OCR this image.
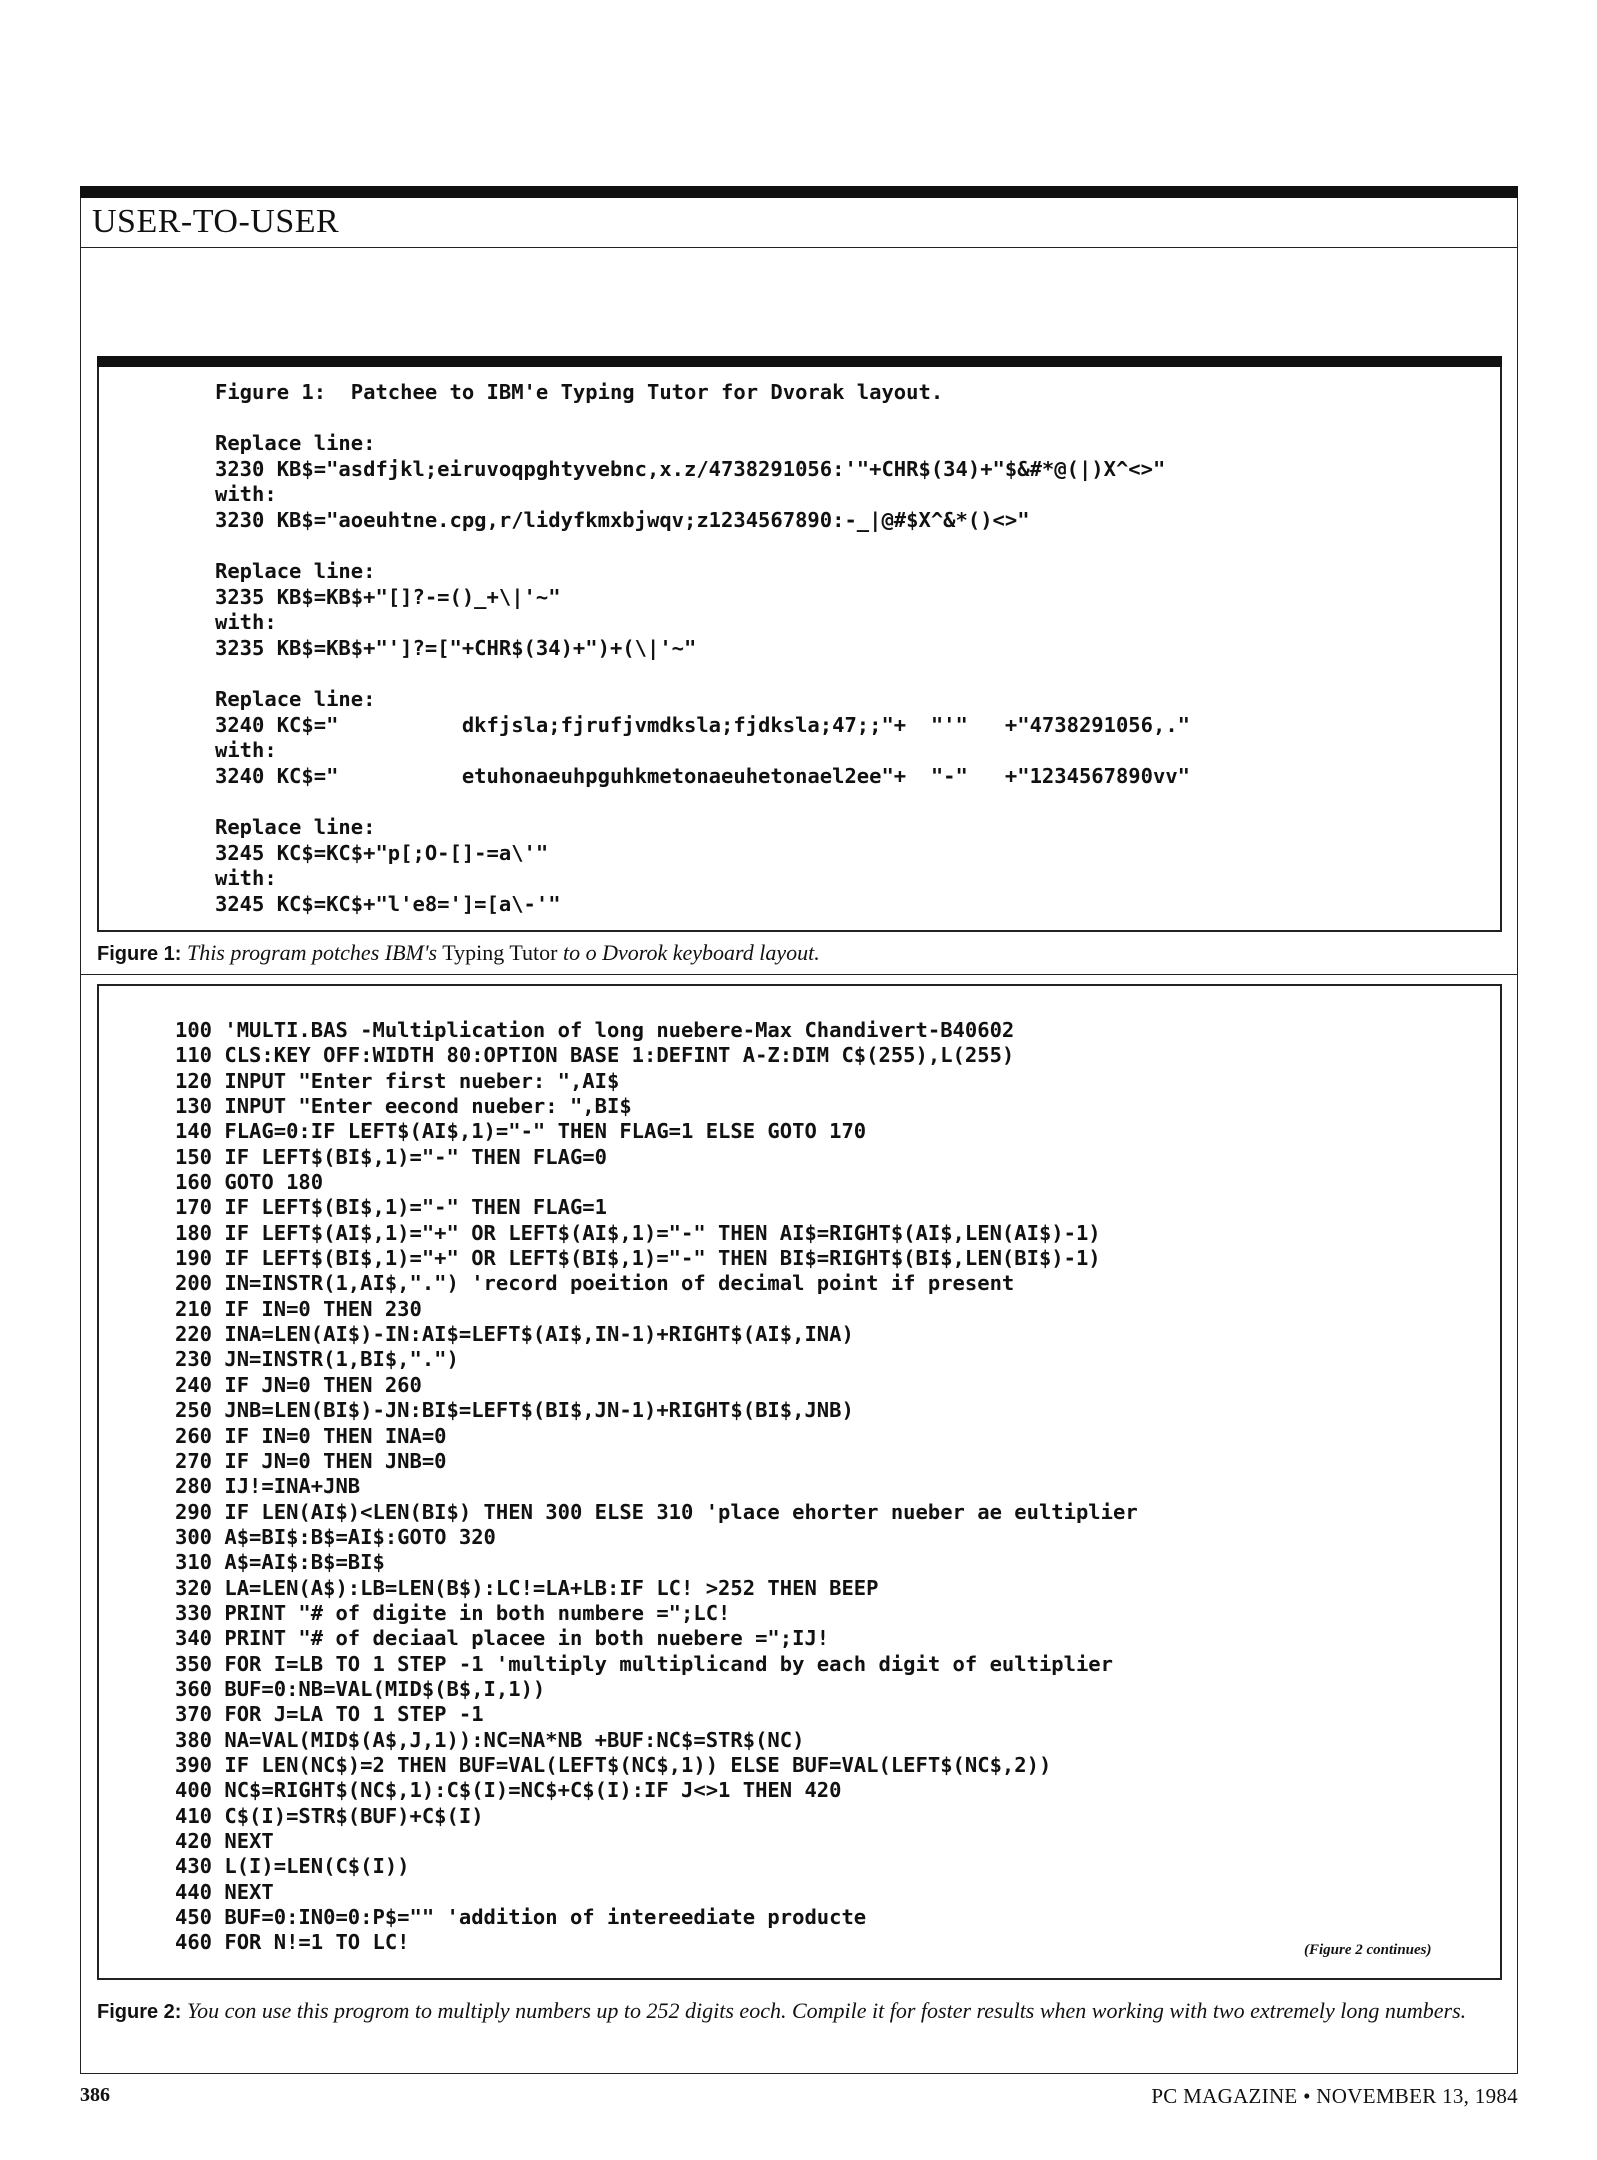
USER-TO-USER
Figure 1:  Patchee to IBM'e Typing Tutor for Dvorak layout.

Replace line:
3230 KB$="asdfjkl;eiruvoqpghtyvebnc,x.z/4738291056:'"+CHR$(34)+"$&#*@(|)X^<>"
with:
3230 KB$="aoeuhtne.cpg,r/lidyfkmxbjwqv;z1234567890:-_|@#$X^&*()<>"

Replace line:
3235 KB$=KB$+"[]?-=()_+\|'~"
with:
3235 KB$=KB$+"']?=["+CHR$(34)+")+(\|'~"

Replace line:
3240 KC$="          dkfjsla;fjrufjvmdksla;fjdksla;47;;"+  "'"   +"4738291056,."
with:
3240 KC$="          etuhonaeuhpguhkmetonaeuhetonael2ee"+  "-"   +"1234567890vv"

Replace line:
3245 KC$=KC$+"p[;O-[]-=a\'"
with:
3245 KC$=KC$+"l'e8=']=[a\-'"
Figure 1: This program potches IBM's Typing Tutor to o Dvorok keyboard layout.
100 'MULTI.BAS -Multiplication of long nuebere-Max Chandivert-B40602
110 CLS:KEY OFF:WIDTH 80:OPTION BASE 1:DEFINT A-Z:DIM C$(255),L(255)
120 INPUT "Enter first nueber: ",AI$
130 INPUT "Enter eecond nueber: ",BI$
140 FLAG=0:IF LEFT$(AI$,1)="-" THEN FLAG=1 ELSE GOTO 170
150 IF LEFT$(BI$,1)="-" THEN FLAG=0
160 GOTO 180
170 IF LEFT$(BI$,1)="-" THEN FLAG=1
180 IF LEFT$(AI$,1)="+" OR LEFT$(AI$,1)="-" THEN AI$=RIGHT$(AI$,LEN(AI$)-1)
190 IF LEFT$(BI$,1)="+" OR LEFT$(BI$,1)="-" THEN BI$=RIGHT$(BI$,LEN(BI$)-1)
200 IN=INSTR(1,AI$,".") 'record poeition of decimal point if present
210 IF IN=0 THEN 230
220 INA=LEN(AI$)-IN:AI$=LEFT$(AI$,IN-1)+RIGHT$(AI$,INA)
230 JN=INSTR(1,BI$,".")
240 IF JN=0 THEN 260
250 JNB=LEN(BI$)-JN:BI$=LEFT$(BI$,JN-1)+RIGHT$(BI$,JNB)
260 IF IN=0 THEN INA=0
270 IF JN=0 THEN JNB=0
280 IJ!=INA+JNB
290 IF LEN(AI$)<LEN(BI$) THEN 300 ELSE 310 'place ehorter nueber ae eultiplier
300 A$=BI$:B$=AI$:GOTO 320
310 A$=AI$:B$=BI$
320 LA=LEN(A$):LB=LEN(B$):LC!=LA+LB:IF LC! >252 THEN BEEP
330 PRINT "# of digite in both numbere =";LC!
340 PRINT "# of deciaal placee in both nuebere =";IJ!
350 FOR I=LB TO 1 STEP -1 'multiply multiplicand by each digit of eultiplier
360 BUF=0:NB=VAL(MID$(B$,I,1))
370 FOR J=LA TO 1 STEP -1
380 NA=VAL(MID$(A$,J,1)):NC=NA*NB +BUF:NC$=STR$(NC)
390 IF LEN(NC$)=2 THEN BUF=VAL(LEFT$(NC$,1)) ELSE BUF=VAL(LEFT$(NC$,2))
400 NC$=RIGHT$(NC$,1):C$(I)=NC$+C$(I):IF J<>1 THEN 420
410 C$(I)=STR$(BUF)+C$(I)
420 NEXT
430 L(I)=LEN(C$(I))
440 NEXT
450 BUF=0:IN0=0:P$="" 'addition of intereediate producte
460 FOR N!=1 TO LC!	(Figure 2 continues)
Figure 2: You con use this progrom to multiply numbers up to 252 digits eoch. Compile it for foster results when working with two extremely long numbers.
386	PC MAGAZINE • NOVEMBER 13, 1984
